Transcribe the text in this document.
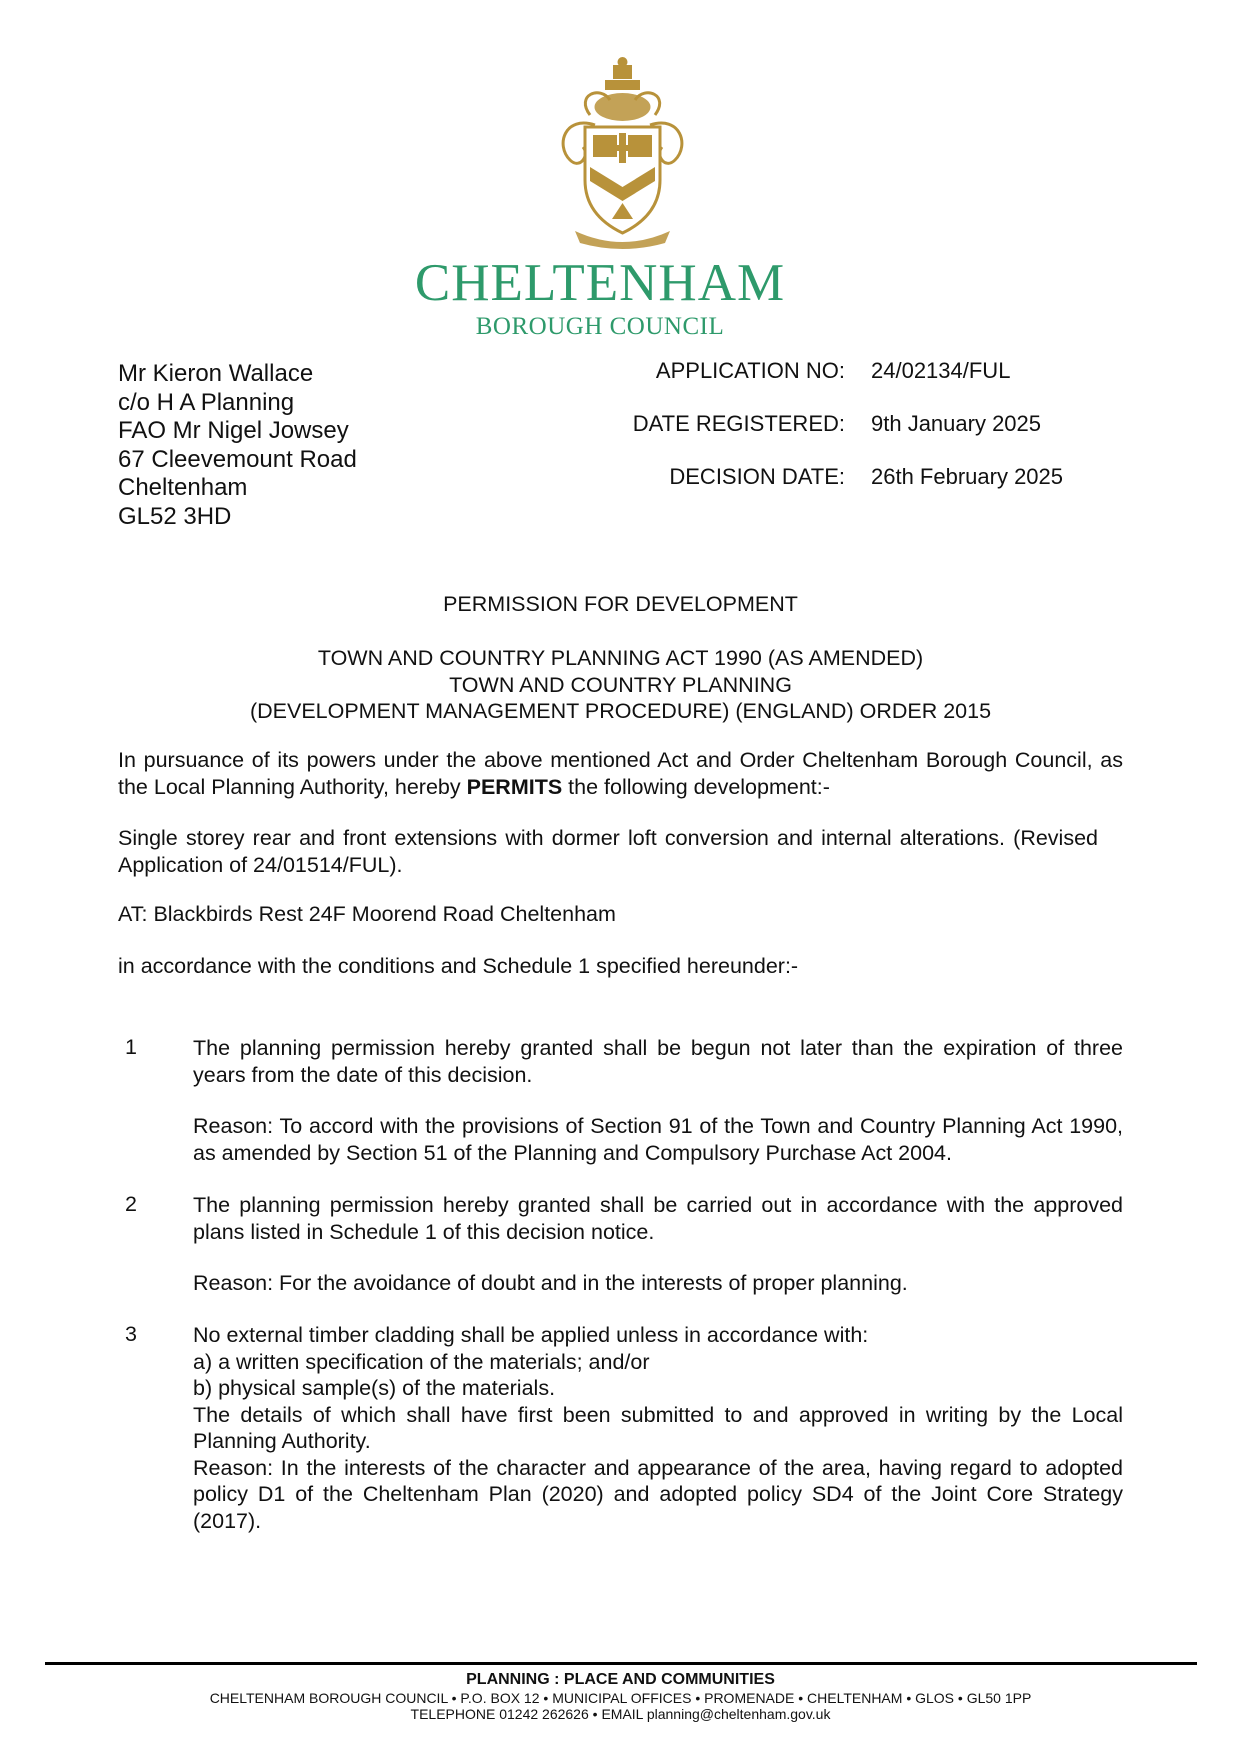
CHELTENHAM
BOROUGH COUNCIL
Mr Kieron Wallace
c/o H A Planning
FAO Mr Nigel Jowsey
67 Cleevemount Road
Cheltenham
GL52 3HD
APPLICATION NO: 24/02134/FUL
DATE REGISTERED: 9th January 2025
DECISION DATE: 26th February 2025
PERMISSION FOR DEVELOPMENT
TOWN AND COUNTRY PLANNING ACT 1990 (AS AMENDED)
TOWN AND COUNTRY PLANNING
(DEVELOPMENT MANAGEMENT PROCEDURE) (ENGLAND) ORDER 2015
In pursuance of its powers under the above mentioned Act and Order Cheltenham Borough Council, as the Local Planning Authority, hereby PERMITS the following development:-
Single storey rear and front extensions with dormer loft conversion and internal alterations. (Revised Application of 24/01514/FUL).
AT: Blackbirds Rest 24F Moorend Road Cheltenham
in accordance with the conditions and Schedule 1 specified hereunder:-
1	The planning permission hereby granted shall be begun not later than the expiration of three years from the date of this decision.
Reason: To accord with the provisions of Section 91 of the Town and Country Planning Act 1990, as amended by Section 51 of the Planning and Compulsory Purchase Act 2004.
2	The planning permission hereby granted shall be carried out in accordance with the approved plans listed in Schedule 1 of this decision notice.
Reason: For the avoidance of doubt and in the interests of proper planning.
3	No external timber cladding shall be applied unless in accordance with:
a) a written specification of the materials; and/or
b) physical sample(s) of the materials.
The details of which shall have first been submitted to and approved in writing by the Local Planning Authority.
Reason: In the interests of the character and appearance of the area, having regard to adopted policy D1 of the Cheltenham Plan (2020) and adopted policy SD4 of the Joint Core Strategy (2017).
PLANNING : PLACE AND COMMUNITIES
CHELTENHAM BOROUGH COUNCIL • P.O. BOX 12 • MUNICIPAL OFFICES • PROMENADE • CHELTENHAM • GLOS • GL50 1PP
TELEPHONE 01242 262626 • EMAIL planning@cheltenham.gov.uk
